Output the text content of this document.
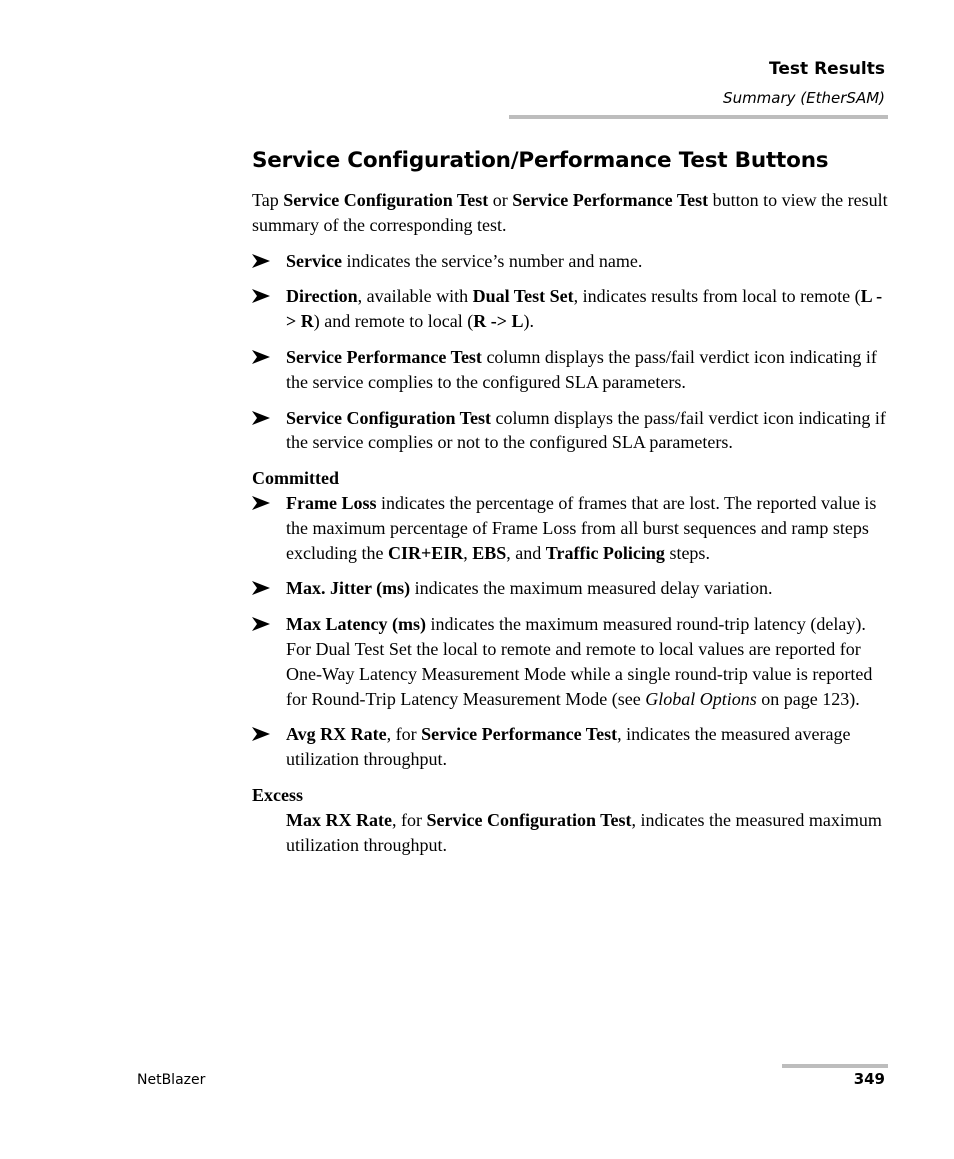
Test Results
Summary (EtherSAM)
Service Configuration/Performance Test Buttons

Tap Service Configuration Test or Service Performance Test button to view the result summary of the corresponding test.

Service indicates the service’s number and name.

Direction, available with Dual Test Set, indicates results from local to remote (L -> R) and remote to local (R -> L).

Service Performance Test column displays the pass/fail verdict icon indicating if the service complies to the configured SLA parameters.

Service Configuration Test column displays the pass/fail verdict icon indicating if the service complies or not to the configured SLA parameters.

Committed

Frame Loss indicates the percentage of frames that are lost. The reported value is the maximum percentage of Frame Loss from all burst sequences and ramp steps excluding the CIR+EIR, EBS, and Traffic Policing steps.

Max. Jitter (ms) indicates the maximum measured delay variation.

Max Latency (ms) indicates the maximum measured round-trip latency (delay). For Dual Test Set the local to remote and remote to local values are reported for One-Way Latency Measurement Mode while a single round-trip value is reported for Round-Trip Latency Measurement Mode (see Global Options on page 123).

Avg RX Rate, for Service Performance Test, indicates the measured average utilization throughput.

Excess

Max RX Rate, for Service Configuration Test, indicates the measured maximum utilization throughput.

NetBlazer	349
